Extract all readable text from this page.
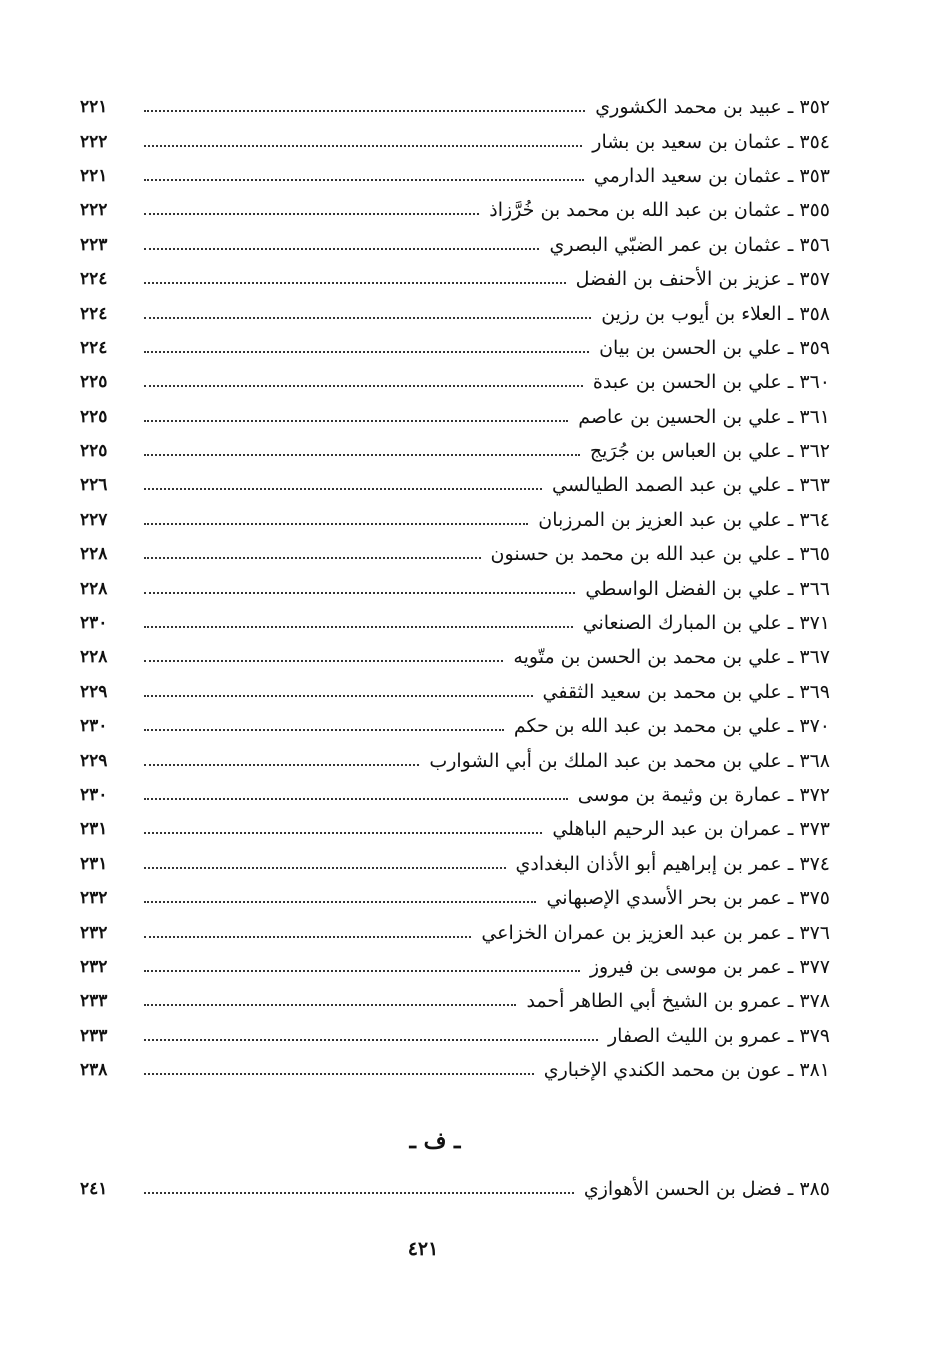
٣٥٢ ـ عبيد بن محمد الكشوري
٢٢١
٣٥٤ ـ عثمان بن سعيد بن بشار
٢٢٢
٣٥٣ ـ عثمان بن سعيد الدارمي
٢٢١
٣٥٥ ـ عثمان بن عبد الله بن محمد بن خُرَّزاذ
٢٢٢
٣٥٦ ـ عثمان بن عمر الضبّي البصري
٢٢٣
٣٥٧ ـ عزيز بن الأحنف بن الفضل
٢٢٤
٣٥٨ ـ العلاء بن أيوب بن رزين
٢٢٤
٣٥٩ ـ علي بن الحسن بن بيان
٢٢٤
٣٦٠ ـ علي بن الحسن بن عبدة
٢٢٥
٣٦١ ـ علي بن الحسين بن عاصم
٢٢٥
٣٦٢ ـ علي بن العباس بن جُرَيج
٢٢٥
٣٦٣ ـ علي بن عبد الصمد الطيالسي
٢٢٦
٣٦٤ ـ علي بن عبد العزيز بن المرزبان
٢٢٧
٣٦٥ ـ علي بن عبد الله بن محمد بن حسنون
٢٢٨
٣٦٦ ـ علي بن الفضل الواسطي
٢٢٨
٣٧١ ـ علي بن المبارك الصنعاني
٢٣٠
٣٦٧ ـ علي بن محمد بن الحسن بن متّويه
٢٢٨
٣٦٩ ـ علي بن محمد بن سعيد الثقفي
٢٢٩
٣٧٠ ـ علي بن محمد بن عبد الله بن حكم
٢٣٠
٣٦٨ ـ علي بن محمد بن عبد الملك بن أبي الشوارب
٢٢٩
٣٧٢ ـ عمارة بن وثيمة بن موسى
٢٣٠
٣٧٣ ـ عمران بن عبد الرحيم الباهلي
٢٣١
٣٧٤ ـ عمر بن إبراهيم أبو الأذان البغدادي
٢٣١
٣٧٥ ـ عمر بن بحر الأسدي الإصبهاني
٢٣٢
٣٧٦ ـ عمر بن عبد العزيز بن عمران الخزاعي
٢٣٢
٣٧٧ ـ عمر بن موسى بن فيروز
٢٣٢
٣٧٨ ـ عمرو بن الشيخ أبي الطاهر أحمد
٢٣٣
٣٧٩ ـ عمرو بن الليث الصفار
٢٣٣
٣٨١ ـ عون بن محمد الكندي الإخباري
٢٣٨
ـ ف ـ
٣٨٥ ـ فضل بن الحسن الأهوازي
٢٤١
٤٢١
